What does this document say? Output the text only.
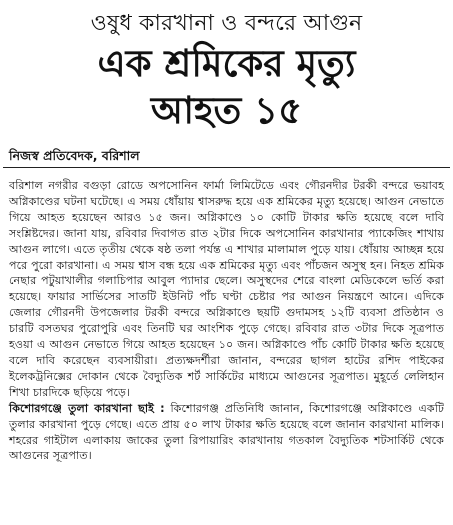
ওষুধ কারখানা ও বন্দরে আগুন
এক শ্রমিকের মৃত্যু
আহত ১৫
নিজস্ব প্রতিবেদক, বরিশাল

বরিশাল নগরীর বগুড়া রোডে অপসোনিন ফার্মা লিমিটেডে এবং গৌরনদীর টরকী বন্দরে ভয়াবহ অগ্নিকাণ্ডের ঘটনা ঘটেছে। এ সময় ধোঁয়ায় শ্বাসরুদ্ধ হয়ে এক শ্রমিকের মৃত্যু হয়েছে। আগুন নেভাতে গিয়ে আহত হয়েছেন আরও ১৫ জন। অগ্নিকাণ্ডে ১০ কোটি টাকার ক্ষতি হয়েছে বলে দাবি সংশ্লিষ্টদের। জানা যায়, রবিবার দিবাগত রাত ২টার দিকে অপসোনিন কারখানার প্যাকেজিং শাখায় আগুন লাগে। এতে তৃতীয় থেকে ষষ্ঠ তলা পর্যন্ত এ শাখার মালামাল পুড়ে যায়। ধোঁয়ায় আচ্ছন্ন হয়ে পরে পুরো কারখানা। এ সময় শ্বাস বন্ধ হয়ে এক শ্রমিকের মৃত্যু এবং পাঁচজন অসুস্থ হন। নিহত শ্রমিক নেছার পটুয়াখালীর গলাচিপার আবুল প্যাদার ছেলে। অসুস্থদের শেরে বাংলা মেডিকেলে ভর্তি করা হয়েছে। ফায়ার সার্ভিসের সাতটি ইউনিট পাঁচ ঘণ্টা চেষ্টার পর আগুন নিয়ন্ত্রণে আনে। এদিকে জেলার গৌরনদী উপজেলার টরকী বন্দরে অগ্নিকাণ্ডে ছয়টি গুদামসহ ১২টি ব্যবসা প্রতিষ্ঠান ও চারটি বসতঘর পুরোপুরি এবং তিনটি ঘর আংশিক পুড়ে গেছে। রবিবার রাত ৩টার দিকে সূত্রপাত হওয়া এ আগুন নেভাতে গিয়ে আহত হয়েছেন ১০ জন। অগ্নিকাণ্ডে পাঁচ কোটি টাকার ক্ষতি হয়েছে বলে দাবি করেছেন ব্যবসায়ীরা। প্রত্যক্ষদর্শীরা জানান, বন্দরের ছাগল হাটের রশিদ পাইকের ইলেকট্রনিক্সের দোকান থেকে বৈদ্যুতিক শর্ট সার্কিটের মাধ্যমে আগুনের সূত্রপাত। মুহূর্তে লেলিহান শিখা চারদিকে ছড়িয়ে পড়ে।

কিশোরগঞ্জে তুলা কারখানা ছাই : কিশোরগঞ্জ প্রতিনিধি জানান, কিশোরগঞ্জে অগ্নিকাণ্ডে একটি তুলার কারখানা পুড়ে গেছে। এতে প্রায় ৫০ লাখ টাকার ক্ষতি হয়েছে বলে জানান কারখানা মালিক। শহরের গাইটাল এলাকায় জাকের তুলা রিপায়ারিং কারখানায় গতকাল বৈদ্যুতিক শটসার্কিট থেকে আগুনের সূত্রপাত।
